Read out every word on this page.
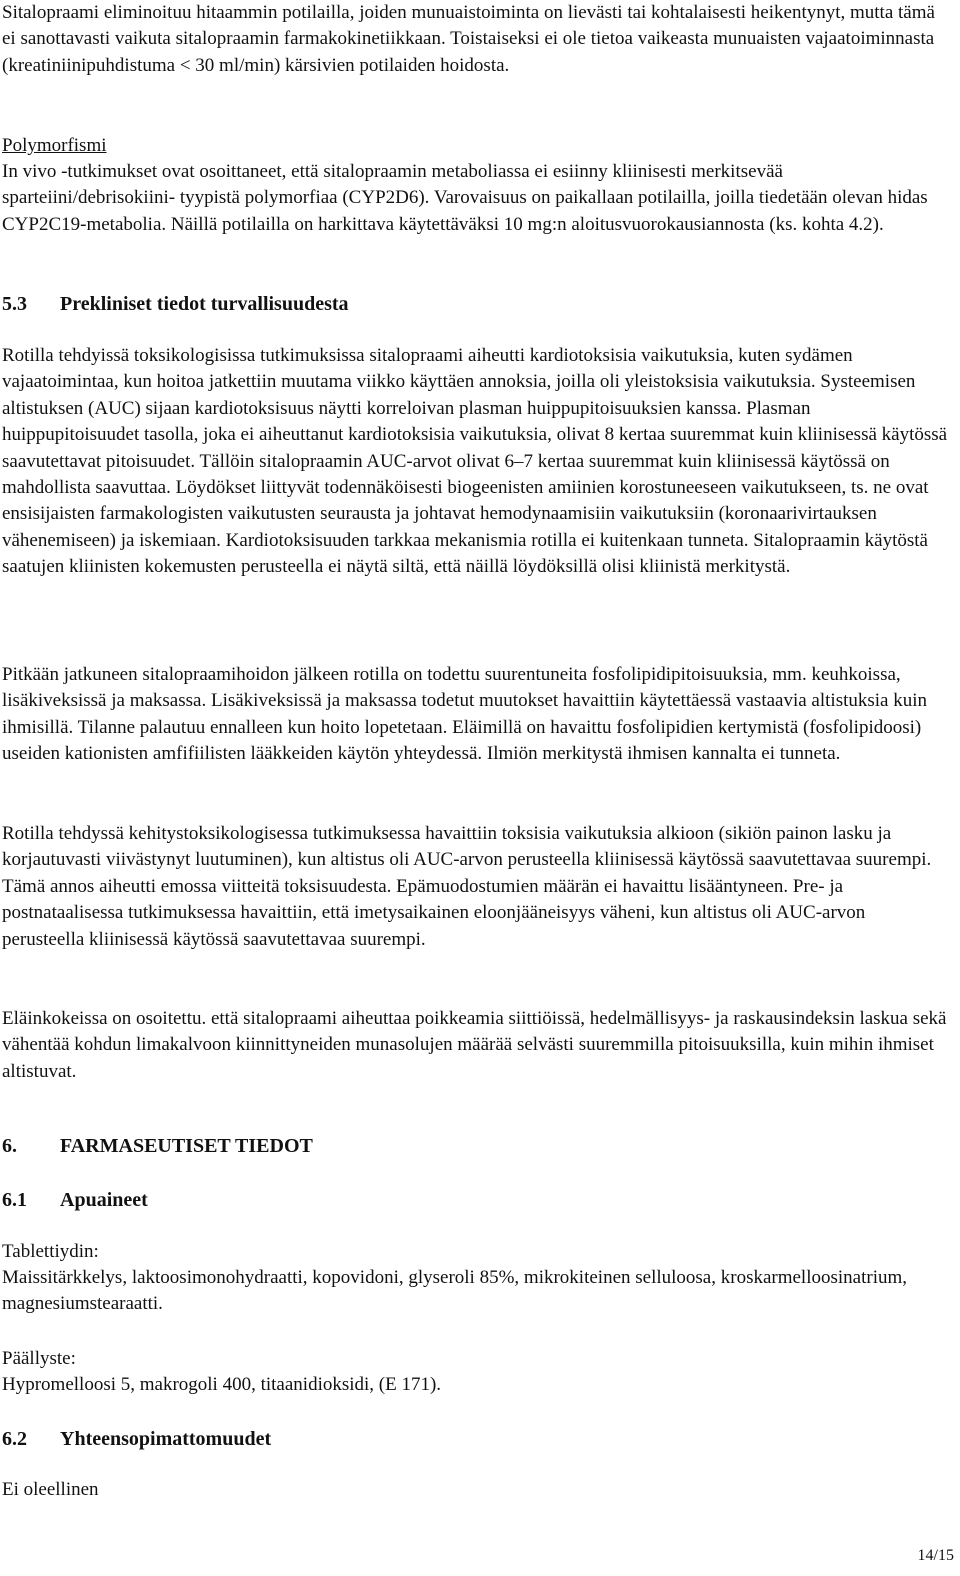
Sitalopraami eliminoituu hitaammin potilailla, joiden munuaistoiminta on lievästi tai kohtalaisesti heikentynyt, mutta tämä ei sanottavasti vaikuta sitalopraamin farmakokinetiikkaan. Toistaiseksi ei ole tietoa vaikeasta munuaisten vajaatoiminnasta (kreatiniinipuhdistuma < 30 ml/min) kärsivien potilaiden hoidosta.

Polymorfismi

In vivo -tutkimukset ovat osoittaneet, että sitalopraamin metaboliassa ei esiinny kliinisesti merkitsevää sparteiini/debrisokiini- tyypistä polymorfiaa (CYP2D6). Varovaisuus on paikallaan potilailla, joilla tiedetään olevan hidas CYP2C19-metabolia. Näillä potilailla on harkittava käytettäväksi 10 mg:n aloitusvuorokausiannosta (ks. kohta 4.2).

5.3 Prekliniset tiedot turvallisuudesta

Rotilla tehdyissä toksikologisissa tutkimuksissa sitalopraami aiheutti kardiotoksisia vaikutuksia, kuten sydämen vajaatoimintaa, kun hoitoa jatkettiin muutama viikko käyttäen annoksia, joilla oli yleistoksisia vaikutuksia. Systeemisen altistuksen (AUC) sijaan kardiotoksisuus näytti korreloivan plasman huippupitoisuuksien kanssa. Plasman huippupitoisuudet tasolla, joka ei aiheuttanut kardiotoksisia vaikutuksia, olivat 8 kertaa suuremmat kuin kliinisessä käytössä saavutettavat pitoisuudet. Tällöin sitalopraamin AUC-arvot olivat 6–7 kertaa suuremmat kuin kliinisessä käytössä on mahdollista saavuttaa. Löydökset liittyvät todennäköisesti biogeenisten amiinien korostuneeseen vaikutukseen, ts. ne ovat ensisijaisten farmakologisten vaikutusten seurausta ja johtavat hemodynaamisiin vaikutuksiin (koronaarivirtauksen vähenemiseen) ja iskemiaan. Kardiotoksisuuden tarkkaa mekanismia rotilla ei kuitenkaan tunneta. Sitalopraamin käytöstä saatujen kliinisten kokemusten perusteella ei näytä siltä, että näillä löydöksillä olisi kliinistä merkitystä.

Pitkään jatkuneen sitalopraamihoidon jälkeen rotilla on todettu suurentuneita fosfolipidipitoisuuksia, mm. keuhkoissa, lisäkiveksissä ja maksassa. Lisäkiveksissä ja maksassa todetut muutokset havaittiin käytettäessä vastaavia altistuksia kuin ihmisillä. Tilanne palautuu ennalleen kun hoito lopetetaan. Eläimillä on havaittu fosfolipidien kertymistä (fosfolipidoosi) useiden kationisten amfifiilisten lääkkeiden käytön yhteydessä. Ilmiön merkitystä ihmisen kannalta ei tunneta.

Rotilla tehdyssä kehitystoksikologisessa tutkimuksessa havaittiin toksisia vaikutuksia alkioon (sikiön painon lasku ja korjautuvasti viivästynyt luutuminen), kun altistus oli AUC-arvon perusteella kliinisessä käytössä saavutettavaa suurempi. Tämä annos aiheutti emossa viitteitä toksisuudesta. Epämuodostumien määrän ei havaittu lisääntyneen. Pre- ja postnataalisessa tutkimuksessa havaittiin, että imetysaikainen eloonjääneisyys väheni, kun altistus oli AUC-arvon perusteella kliinisessä käytössä saavutettavaa suurempi.

Eläinkokeissa on osoitettu. että sitalopraami aiheuttaa poikkeamia siittiöissä, hedelmällisyys- ja raskausindeksin laskua sekä vähentää kohdun limakalvoon kiinnittyneiden munasolujen määrää selvästi suuremmilla pitoisuuksilla, kuin mihin ihmiset altistuvat.

6. FARMASEUTISET TIEDOT
6.1 Apuaineet

Tablettiydin:

Maissitärkkelys, laktoosimonohydraatti, kopovidoni, glyseroli 85%, mikrokiteinen selluloosa, kroskarmelloosinatrium, magnesiumstearaatti.

Päällyste:

Hypromelloosi 5, makrogoli 400, titaanidioksidi, (E 171).

6.2 Yhteensopimattomuudet

Ei oleellinen

14/15
